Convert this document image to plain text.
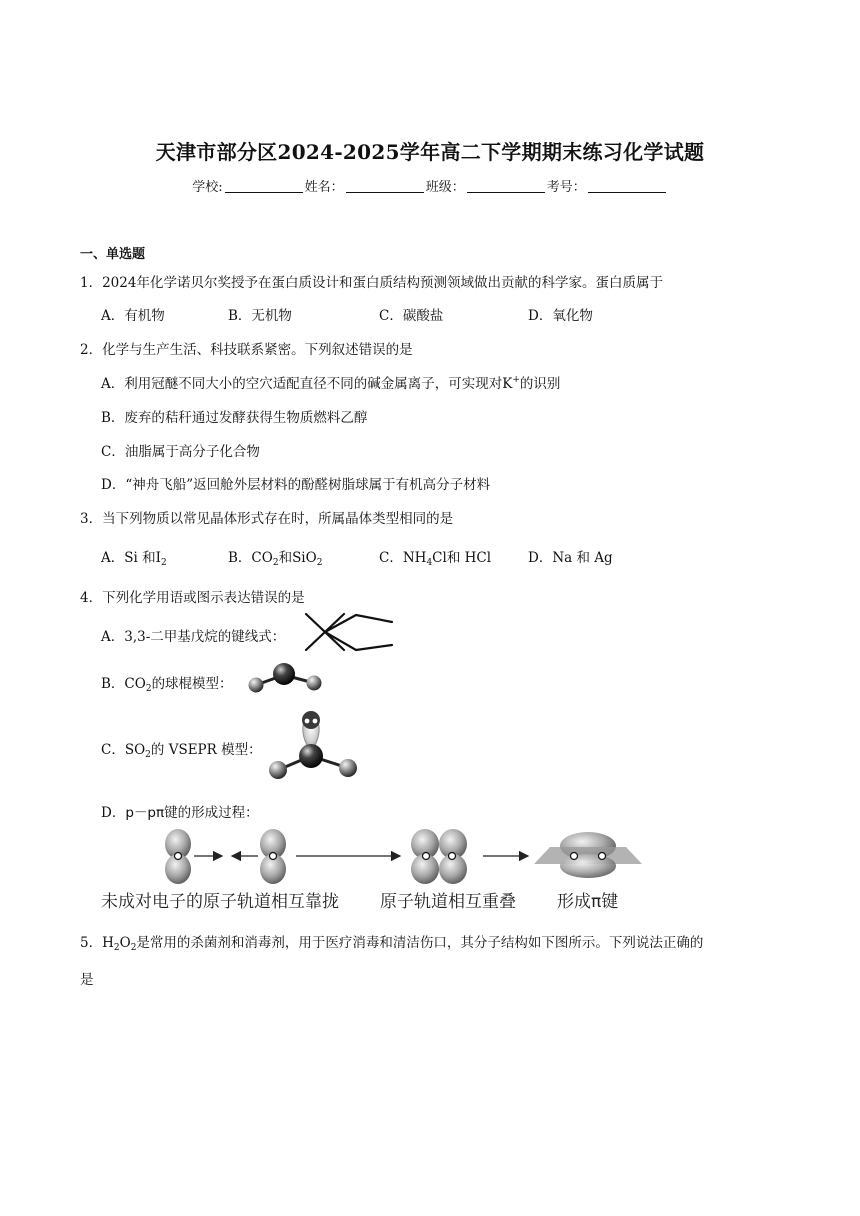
天津市部分区2024-2025学年高二下学期期末练习化学试题
学校:	姓名：	班级：	考号：
一、单选题
1．2024年化学诺贝尔奖授予在蛋白质设计和蛋白质结构预测领域做出贡献的科学家。蛋白质属于
A．有机物	B．无机物	C．碳酸盐	D．氧化物
2．化学与生产生活、科技联系紧密。下列叙述错误的是
A．利用冠醚不同大小的空穴适配直径不同的碱金属离子，可实现对K+的识别
B．废弃的秸秆通过发酵获得生物质燃料乙醇
C．油脂属于高分子化合物
D．“神舟飞船”返回舱外层材料的酚醛树脂球属于有机高分子材料
3．当下列物质以常见晶体形式存在时，所属晶体类型相同的是
A．Si 和$I_2$	B．$CO_2$和SiO$_2$	C．$NH_4Cl$和 HCl	D．Na 和 Ag
4．下列化学用语或图示表达错误的是
A．3,3-二甲基戊烷的键线式：
B．$CO_2$的球棍模型：
C．$SO_2$的 VSEPR 模型：
D．p－pπ键的形成过程：
未成对电子的原子轨道相互靠拢 原子轨道相互重叠 形成π键
5．$H_2O_2$是常用的杀菌剂和消毒剂，用于医疗消毒和清洁伤口，其分子结构如下图所示。下列说法正确的
是
